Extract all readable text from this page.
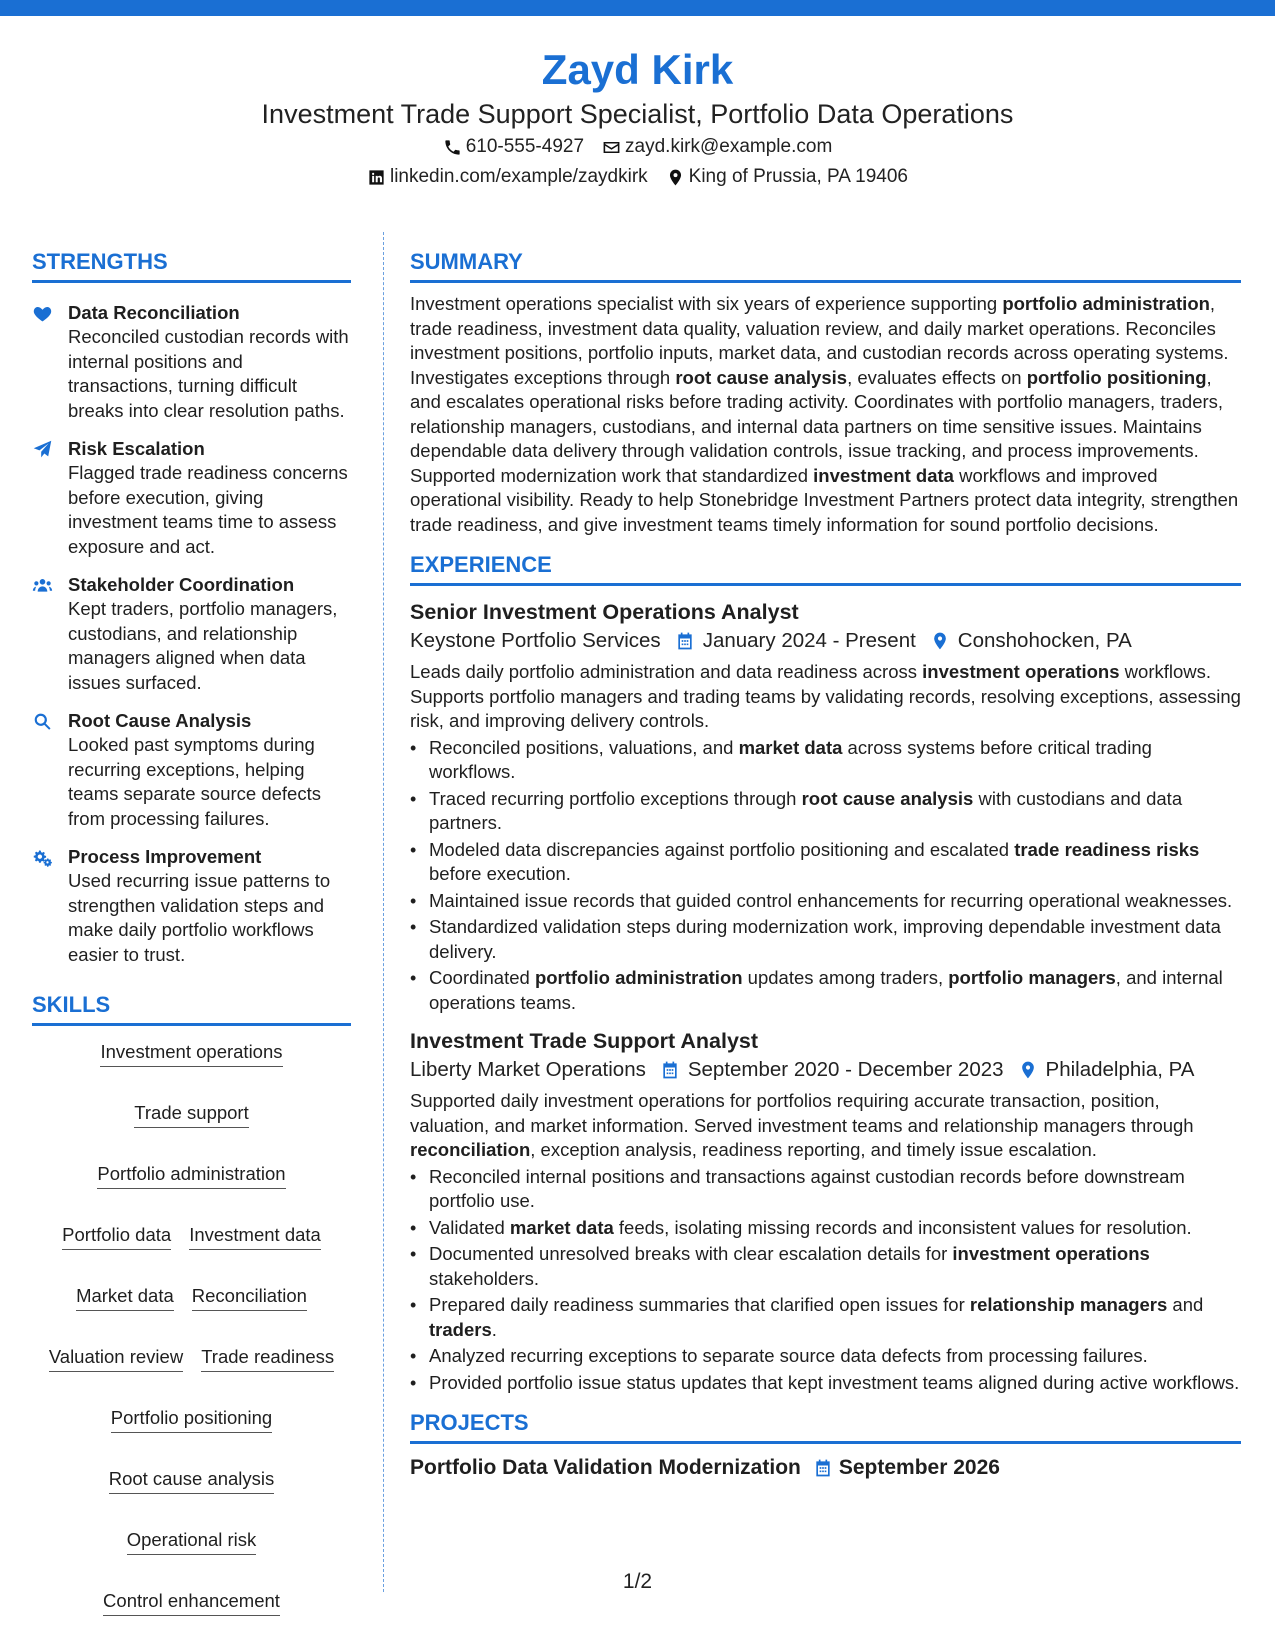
Zayd Kirk
Investment Trade Support Specialist, Portfolio Data Operations
610-555-4927 zayd.kirk@example.com
linkedin.com/example/zaydkirk King of Prussia, PA 19406
STRENGTHS
Data Reconciliation
Reconciled custodian records with internal positions and transactions, turning difficult breaks into clear resolution paths.
Risk Escalation
Flagged trade readiness concerns before execution, giving investment teams time to assess exposure and act.
Stakeholder Coordination
Kept traders, portfolio managers, custodians, and relationship managers aligned when data issues surfaced.
Root Cause Analysis
Looked past symptoms during recurring exceptions, helping teams separate source defects from processing failures.
Process Improvement
Used recurring issue patterns to strengthen validation steps and make daily portfolio workflows easier to trust.
SKILLS
Investment operations
Trade support
Portfolio administration
Portfolio data Investment data
Market data Reconciliation
Valuation review Trade readiness
Portfolio positioning
Root cause analysis
Operational risk
Control enhancement
SUMMARY
Investment operations specialist with six years of experience supporting portfolio administration, trade readiness, investment data quality, valuation review, and daily market operations. Reconciles investment positions, portfolio inputs, market data, and custodian records across operating systems. Investigates exceptions through root cause analysis, evaluates effects on portfolio positioning, and escalates operational risks before trading activity. Coordinates with portfolio managers, traders, relationship managers, custodians, and internal data partners on time sensitive issues. Maintains dependable data delivery through validation controls, issue tracking, and process improvements. Supported modernization work that standardized investment data workflows and improved operational visibility. Ready to help Stonebridge Investment Partners protect data integrity, strengthen trade readiness, and give investment teams timely information for sound portfolio decisions.
EXPERIENCE
Senior Investment Operations Analyst
Keystone Portfolio Services January 2024 - Present Conshohocken, PA
Leads daily portfolio administration and data readiness across investment operations workflows. Supports portfolio managers and trading teams by validating records, resolving exceptions, assessing risk, and improving delivery controls.
• Reconciled positions, valuations, and market data across systems before critical trading workflows.
• Traced recurring portfolio exceptions through root cause analysis with custodians and data partners.
• Modeled data discrepancies against portfolio positioning and escalated trade readiness risks before execution.
• Maintained issue records that guided control enhancements for recurring operational weaknesses.
• Standardized validation steps during modernization work, improving dependable investment data delivery.
• Coordinated portfolio administration updates among traders, portfolio managers, and internal operations teams.
Investment Trade Support Analyst
Liberty Market Operations September 2020 - December 2023 Philadelphia, PA
Supported daily investment operations for portfolios requiring accurate transaction, position, valuation, and market information. Served investment teams and relationship managers through reconciliation, exception analysis, readiness reporting, and timely issue escalation.
• Reconciled internal positions and transactions against custodian records before downstream portfolio use.
• Validated market data feeds, isolating missing records and inconsistent values for resolution.
• Documented unresolved breaks with clear escalation details for investment operations stakeholders.
• Prepared daily readiness summaries that clarified open issues for relationship managers and traders.
• Analyzed recurring exceptions to separate source data defects from processing failures.
• Provided portfolio issue status updates that kept investment teams aligned during active workflows.
PROJECTS
Portfolio Data Validation Modernization September 2026
1/2
